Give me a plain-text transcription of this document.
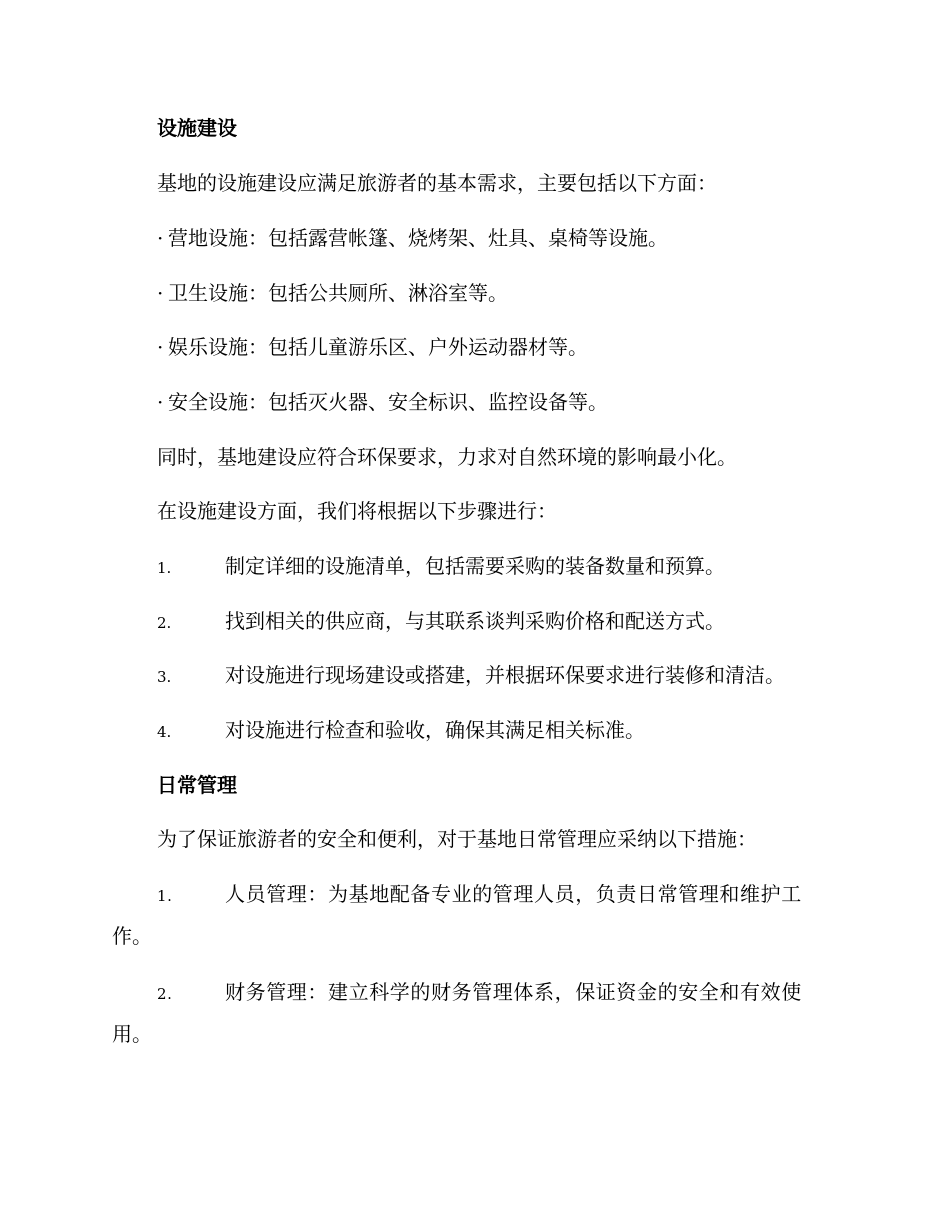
设施建设
基地的设施建设应满足旅游者的基本需求，主要包括以下方面：
· 营地设施：包括露营帐篷、烧烤架、灶具、桌椅等设施。
· 卫生设施：包括公共厕所、淋浴室等。
· 娱乐设施：包括儿童游乐区、户外运动器材等。
· 安全设施：包括灭火器、安全标识、监控设备等。
同时，基地建设应符合环保要求，力求对自然环境的影响最小化。
在设施建设方面，我们将根据以下步骤进行：
1.	制定详细的设施清单，包括需要采购的装备数量和预算。
2.	找到相关的供应商，与其联系谈判采购价格和配送方式。
3.	对设施进行现场建设或搭建，并根据环保要求进行装修和清洁。
4.	对设施进行检查和验收，确保其满足相关标准。
日常管理
为了保证旅游者的安全和便利，对于基地日常管理应采纳以下措施：
1.	人员管理：为基地配备专业的管理人员，负责日常管理和维护工
作。
2.	财务管理：建立科学的财务管理体系，保证资金的安全和有效使
用。
